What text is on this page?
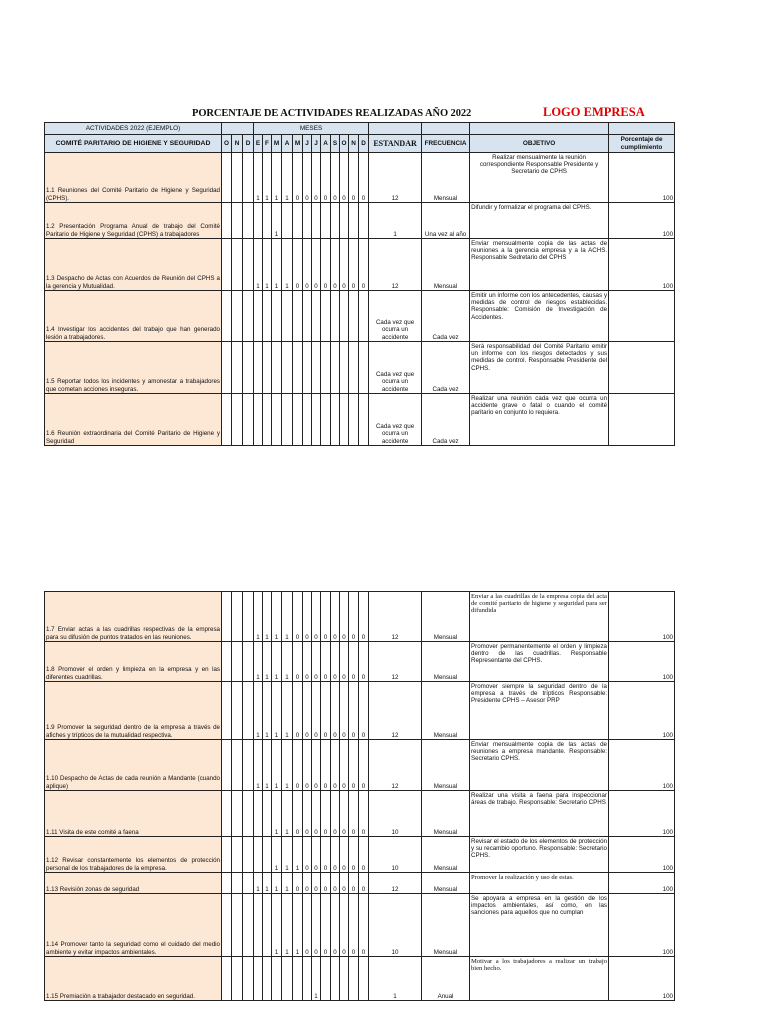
PORCENTAJE DE ACTIVIDADES REALIZADAS AÑO 2022	LOGO EMPRESA
ACTIVIDADES 2022 (EJEMPLO)				MESES															
COMITÉ PARITARIO DE HIGIENE Y SEGURIDAD	O	N	D	E	F	M	A	M	J	J	A	S	O	N	D	ESTANDAR	FRECUENCIA	OBJETIVO	Porcentaje de cumplimiento
1.1 Reuniones del Comité Paritario de Higiene y Seguridad (CPHS).				1	1	1	1	0	0	0	0	0	0	0	0	12	Mensual	Realizar mensualmente la reunión correspondiente Responsable Presidente y Secretario de CPHS	100
1.2 Presentación Programa Anual de trabajo del Comité Paritario de Higiene y Seguridad (CPHS) a trabajadores						1										1	Una vez al año	Difundir y formalizar el programa del CPHS.	100
1.3 Despacho de Actas con Acuerdos de Reunión del CPHS a la gerencia y Mutualidad.				1	1	1	1	0	0	0	0	0	0	0	0	12	Mensual	Enviar mensualmente copia de las actas de reuniones a la gerencia empresa y a la ACHS. Responsable Sedretario del CPHS	100
1.4 Investigar los accidentes del trabajo que han generado lesión a trabajadores.																Cada vez que ocurra un accidente	Cada vez	Emitir un informe con los antecedentes, causas y medidas de control de riesgos establecidas. Responsable: Comisión de Investigación de Accidentes.	
1.5 Reportar todos los incidentes y amonestar a trabajadores que cometan acciones inseguras.																Cada vez que ocurra un accidente	Cada vez	Será responsabilidad del Comité Paritario emitir un informe con los riesgos detectados y sus medidas de control. Responsable Presidente del CPHS.	
1.6 Reunión extraordinaria del Comité Paritario de Higiene y Seguridad																Cada vez que ocurra un accidente	Cada vez	Realizar una reunión cada vez que ocurra un accidente grave o fatal o cuando el comité paritario en conjunto lo requiera.	
1.7 Enviar actas a las cuadrillas respectivas de la empresa para su difusión de puntos tratados en las reuniones.				1	1	1	1	0	0	0	0	0	0	0	0	12	Mensual	Enviar a las cuadrillas de la empresa copia del acta de comité paritario de higiene y seguridad para ser difundida	100
1.8 Promover el orden y limpieza en la empresa y en las diferentes cuadrillas.				1	1	1	1	0	0	0	0	0	0	0	0	12	Mensual	Promover permanentemente el orden y limpieza dentro de las cuadrillas. Responsable Representante del CPHS.	100
1.9 Promover la seguridad dentro de la empresa a través de afiches y trípticos de la mutualidad respectiva.				1	1	1	1	0	0	0	0	0	0	0	0	12	Mensual	Promover siempre la seguridad dentro de la empresa a través de trípticos Responsable: Presidente CPHS – Asesor PRP	100
1.10 Despacho de Actas de cada reunión a Mandante (cuando aplique)				1	1	1	1	0	0	0	0	0	0	0	0	12	Mensual	Enviar mensualmente copia de las actas de reuniones a empresa mandante. Responsable: Secretario CPHS.	100
1.11 Visita de este comité a faena						1	1	0	0	0	0	0	0	0	0	10	Mensual	Realizar una visita a faena para inspeccionar áreas de trabajo. Responsable: Secretario CPHS	100
1.12 Revisar constantemente los elementos de protección personal de los trabajadores de la empresa.						1	1	1	0	0	0	0	0	0	0	10	Mensual	Revisar el estado de los elementos de protección y su recambio oportuno. Responsable: Secretario CPHS.	100
1.13 Revisión zonas de seguridad				1	1	1	1	0	0	0	0	0	0	0	0	12	Mensual	Promover la realización y uso de estas.	100
1.14 Promover tanto la seguridad como el cuidado del medio ambiente y evitar impactos ambientales.						1	1	1	0	0	0	0	0	0	0	10	Mensual	Se apoyara a empresa en la gestión de los impactos ambientales, así como, en las sanciones para aquellos que no cumplan	100
1.15 Premiación a trabajador destacado en seguridad.										1						1	Anual	Motivar a los trabajadores a realizar un trabajo bien hecho.	100
